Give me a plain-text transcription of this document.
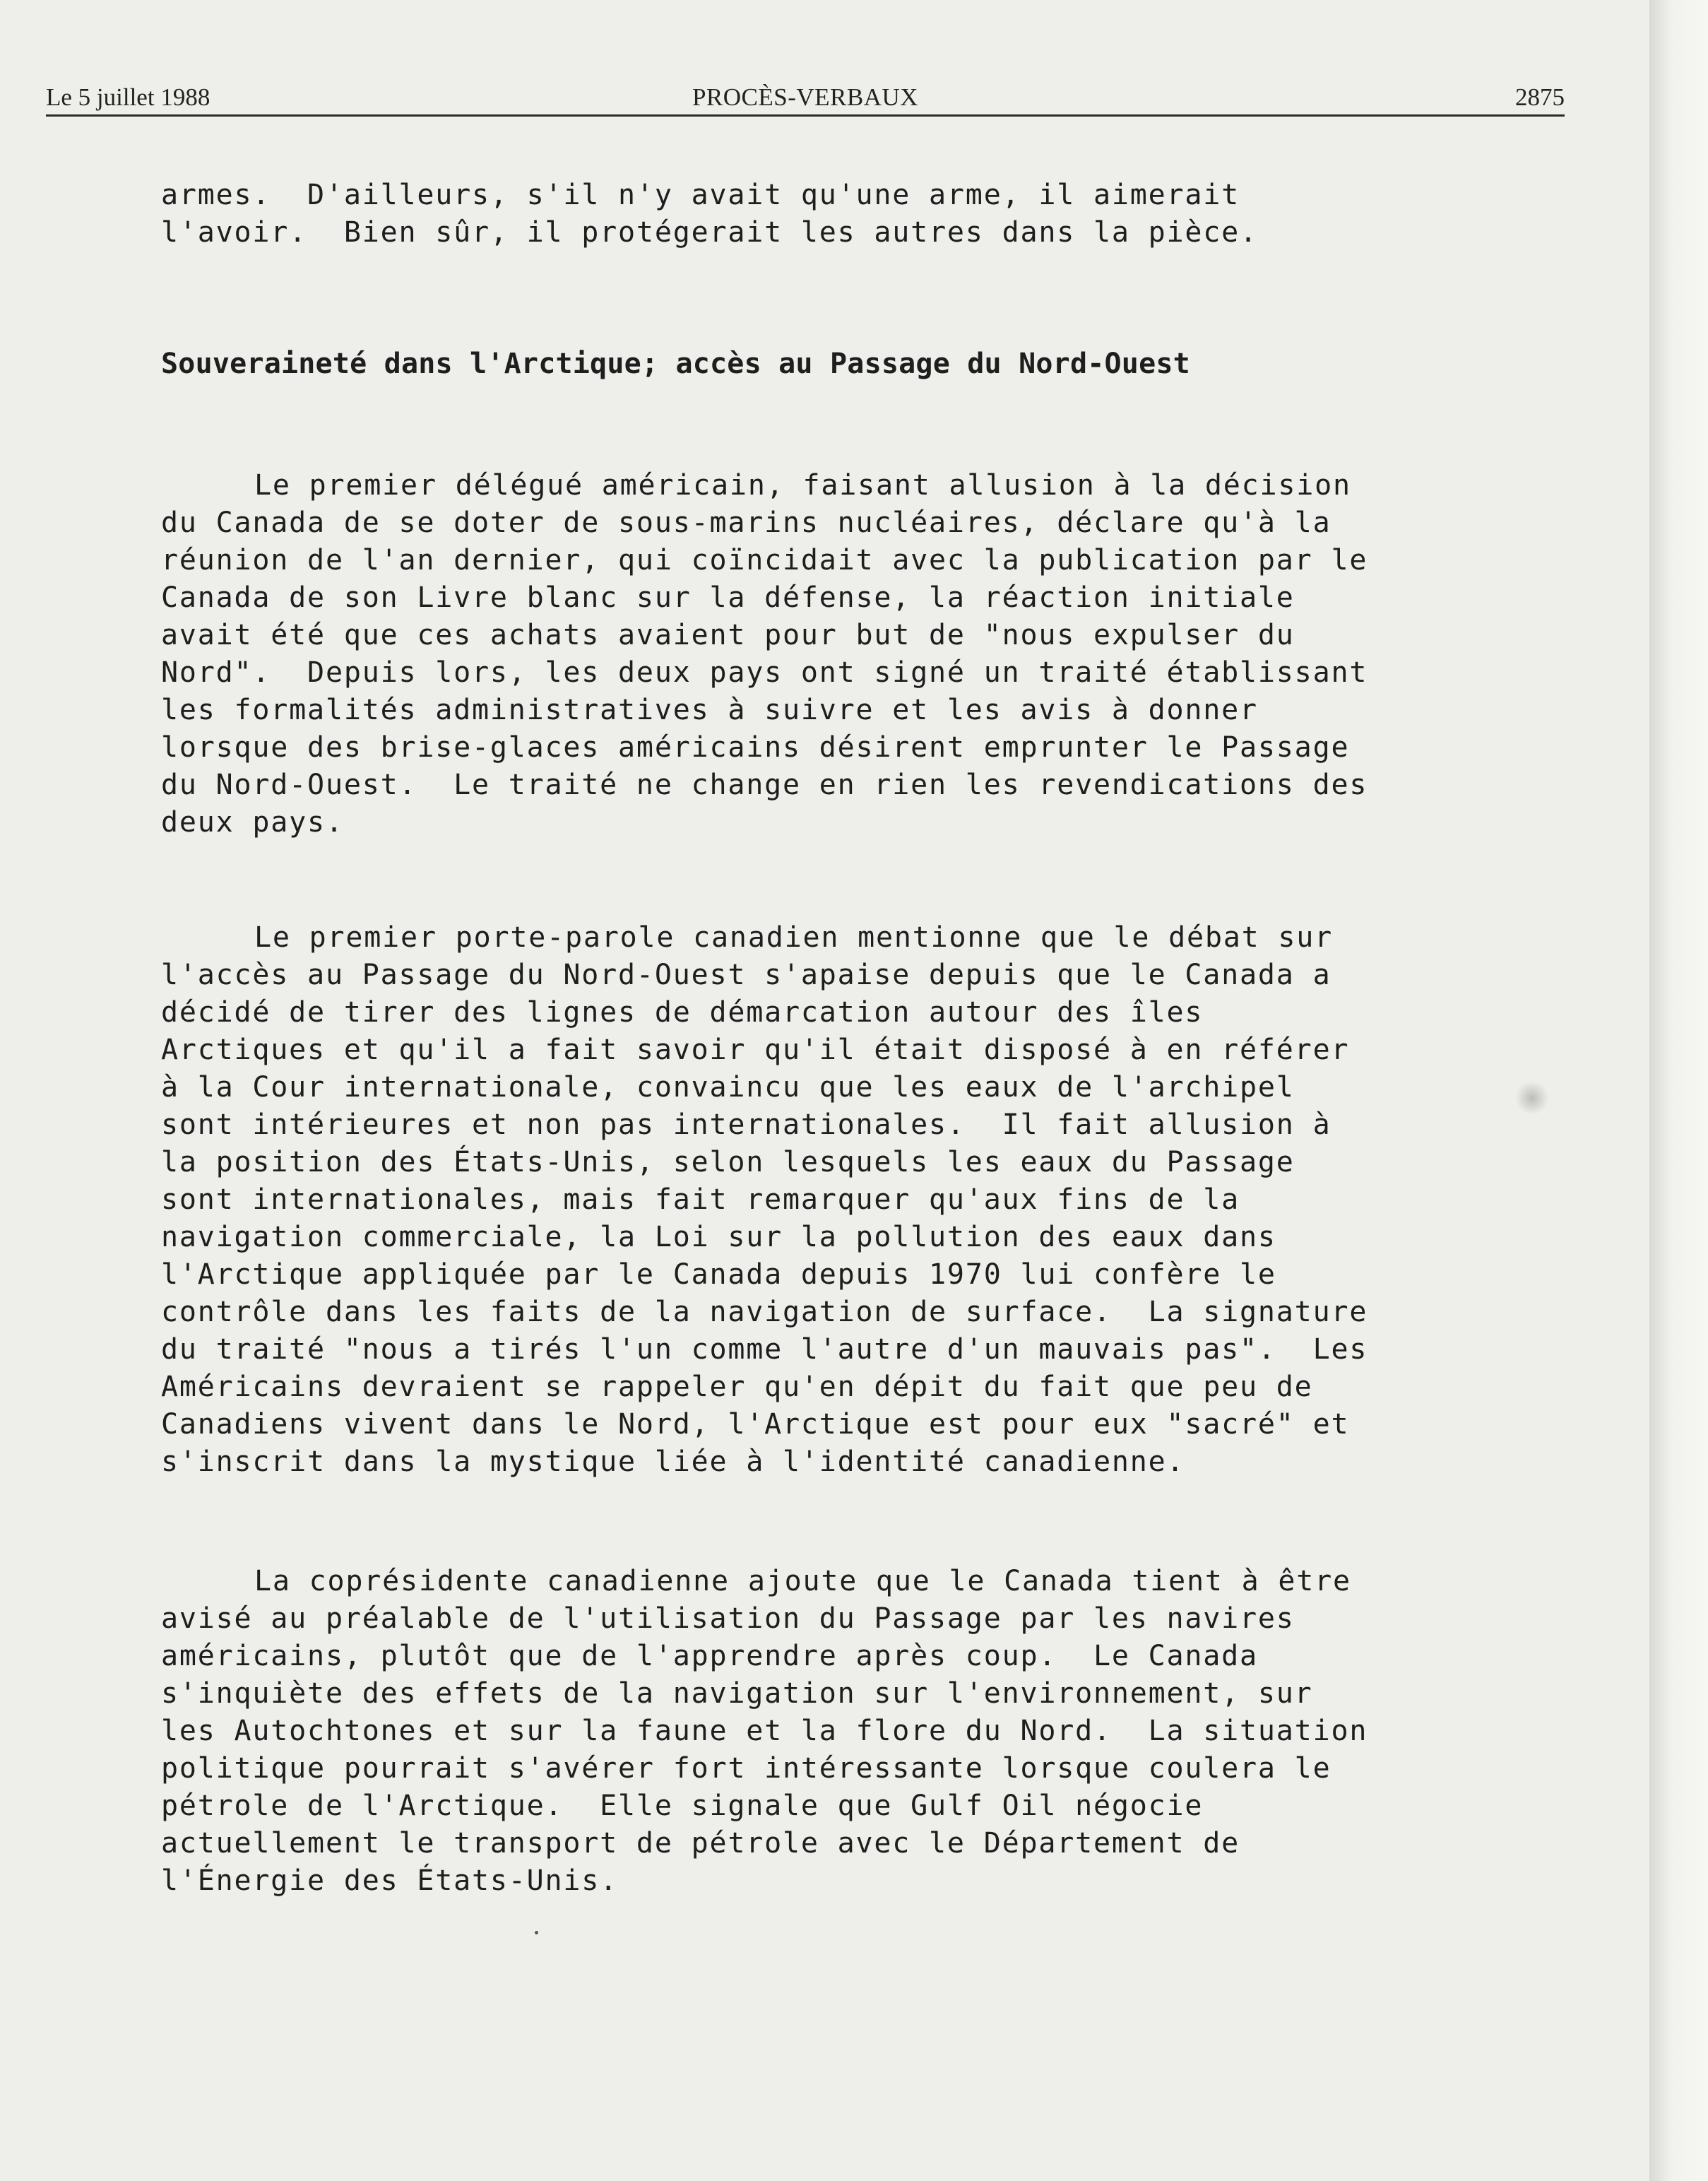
Le 5 juillet 1988	PROCÈS-VERBAUX	2875
armes.  D'ailleurs, s'il n'y avait qu'une arme, il aimerait
l'avoir.  Bien sûr, il protégerait les autres dans la pièce.
Souveraineté dans l'Arctique; accès au Passage du Nord-Ouest
Le premier délégué américain, faisant allusion à la décision
du Canada de se doter de sous-marins nucléaires, déclare qu'à la
réunion de l'an dernier, qui coïncidait avec la publication par le
Canada de son Livre blanc sur la défense, la réaction initiale
avait été que ces achats avaient pour but de "nous expulser du
Nord".  Depuis lors, les deux pays ont signé un traité établissant
les formalités administratives à suivre et les avis à donner
lorsque des brise-glaces américains désirent emprunter le Passage
du Nord-Ouest.  Le traité ne change en rien les revendications des
deux pays.
Le premier porte-parole canadien mentionne que le débat sur
l'accès au Passage du Nord-Ouest s'apaise depuis que le Canada a
décidé de tirer des lignes de démarcation autour des îles
Arctiques et qu'il a fait savoir qu'il était disposé à en référer
à la Cour internationale, convaincu que les eaux de l'archipel
sont intérieures et non pas internationales.  Il fait allusion à
la position des États-Unis, selon lesquels les eaux du Passage
sont internationales, mais fait remarquer qu'aux fins de la
navigation commerciale, la Loi sur la pollution des eaux dans
l'Arctique appliquée par le Canada depuis 1970 lui confère le
contrôle dans les faits de la navigation de surface.  La signature
du traité "nous a tirés l'un comme l'autre d'un mauvais pas".  Les
Américains devraient se rappeler qu'en dépit du fait que peu de
Canadiens vivent dans le Nord, l'Arctique est pour eux "sacré" et
s'inscrit dans la mystique liée à l'identité canadienne.
La coprésidente canadienne ajoute que le Canada tient à être
avisé au préalable de l'utilisation du Passage par les navires
américains, plutôt que de l'apprendre après coup.  Le Canada
s'inquiète des effets de la navigation sur l'environnement, sur
les Autochtones et sur la faune et la flore du Nord.  La situation
politique pourrait s'avérer fort intéressante lorsque coulera le
pétrole de l'Arctique.  Elle signale que Gulf Oil négocie
actuellement le transport de pétrole avec le Département de
l'Énergie des États-Unis.
